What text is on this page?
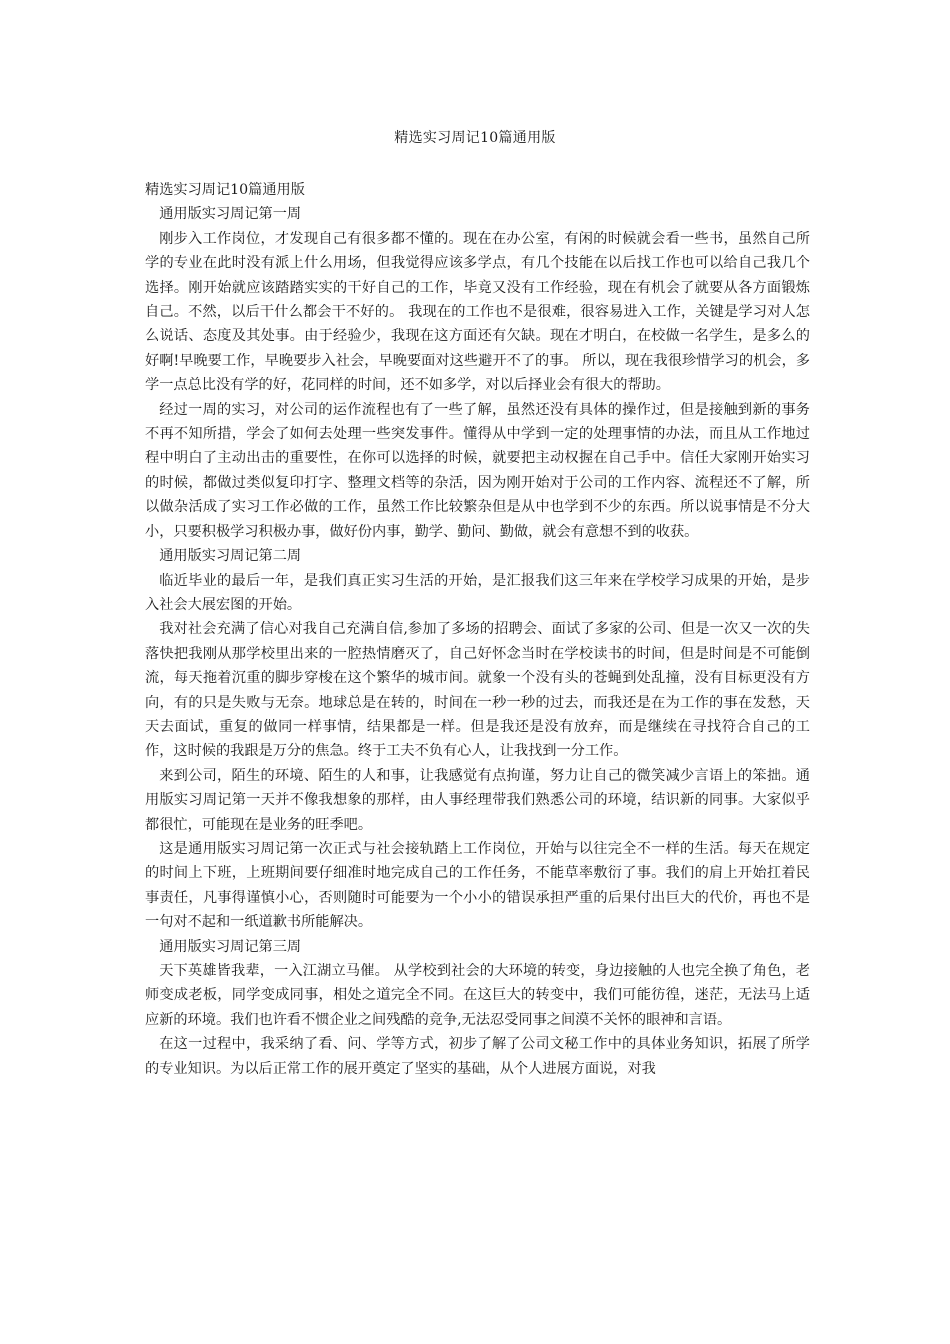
精选实习周记10篇通用版

精选实习周记10篇通用版

通用版实习周记第一周

刚步入工作岗位，才发现自己有很多都不懂的。现在在办公室，有闲的时候就会看一些书，虽然自己所学的专业在此时没有派上什么用场，但我觉得应该多学点，有几个技能在以后找工作也可以给自己我几个选择。刚开始就应该踏踏实实的干好自己的工作，毕竟又没有工作经验，现在有机会了就要从各方面锻炼自己。不然，以后干什么都会干不好的。 我现在的工作也不是很难，很容易进入工作，关键是学习对人怎么说话、态度及其处事。由于经验少，我现在这方面还有欠缺。现在才明白，在校做一名学生，是多么的好啊!早晚要工作，早晚要步入社会，早晚要面对这些避开不了的事。 所以，现在我很珍惜学习的机会，多学一点总比没有学的好，花同样的时间，还不如多学，对以后择业会有很大的帮助。

经过一周的实习，对公司的运作流程也有了一些了解，虽然还没有具体的操作过，但是接触到新的事务不再不知所措，学会了如何去处理一些突发事件。懂得从中学到一定的处理事情的办法，而且从工作地过程中明白了主动出击的重要性，在你可以选择的时候，就要把主动权握在自己手中。信任大家刚开始实习的时候，都做过类似复印打字、整理文档等的杂活，因为刚开始对于公司的工作内容、流程还不了解，所以做杂活成了实习工作必做的工作，虽然工作比较繁杂但是从中也学到不少的东西。所以说事情是不分大小，只要积极学习积极办事，做好份内事，勤学、勤问、勤做，就会有意想不到的收获。

通用版实习周记第二周

临近毕业的最后一年，是我们真正实习生活的开始，是汇报我们这三年来在学校学习成果的开始，是步入社会大展宏图的开始。

我对社会充满了信心对我自己充满自信,参加了多场的招聘会、面试了多家的公司、但是一次又一次的失落快把我刚从那学校里出来的一腔热情磨灭了，自己好怀念当时在学校读书的时间，但是时间是不可能倒流，每天拖着沉重的脚步穿梭在这个繁华的城市间。就象一个没有头的苍蝇到处乱撞，没有目标更没有方向，有的只是失败与无奈。地球总是在转的，时间在一秒一秒的过去，而我还是在为工作的事在发愁，天天去面试，重复的做同一样事情，结果都是一样。但是我还是没有放弃，而是继续在寻找符合自己的工作，这时候的我跟是万分的焦急。终于工夫不负有心人，让我找到一分工作。

来到公司，陌生的环境、陌生的人和事，让我感觉有点拘谨，努力让自己的微笑减少言语上的笨拙。通用版实习周记第一天并不像我想象的那样，由人事经理带我们熟悉公司的环境，结识新的同事。大家似乎都很忙，可能现在是业务的旺季吧。

这是通用版实习周记第一次正式与社会接轨踏上工作岗位，开始与以往完全不一样的生活。每天在规定的时间上下班，上班期间要仔细准时地完成自己的工作任务，不能草率敷衍了事。我们的肩上开始扛着民事责任，凡事得谨慎小心，否则随时可能要为一个小小的错误承担严重的后果付出巨大的代价，再也不是一句对不起和一纸道歉书所能解决。

通用版实习周记第三周

天下英雄皆我辈，一入江湖立马催。 从学校到社会的大环境的转变，身边接触的人也完全换了角色，老师变成老板，同学变成同事，相处之道完全不同。在这巨大的转变中，我们可能彷徨，迷茫，无法马上适应新的环境。我们也许看不惯企业之间残酷的竞争,无法忍受同事之间漠不关怀的眼神和言语。

在这一过程中，我采纳了看、问、学等方式，初步了解了公司文秘工作中的具体业务知识，拓展了所学的专业知识。为以后正常工作的展开奠定了坚实的基础，从个人进展方面说，对我
